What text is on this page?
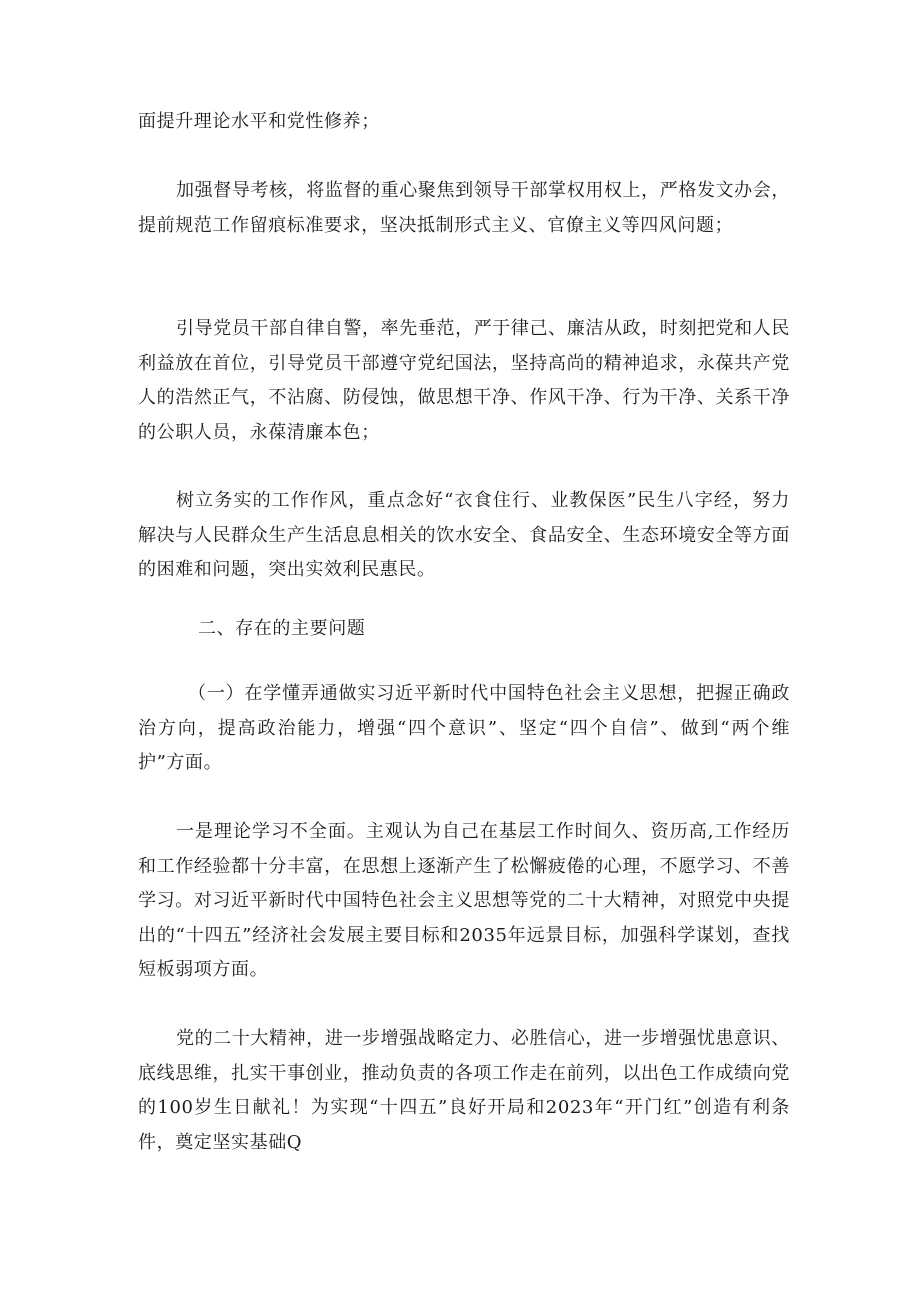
面提升理论水平和党性修养；

加强督导考核，将监督的重心聚焦到领导干部掌权用权上，严格发文办会，提前规范工作留痕标准要求，坚决抵制形式主义、官僚主义等四风问题；

引导党员干部自律自警，率先垂范，严于律己、廉洁从政，时刻把党和人民利益放在首位，引导党员干部遵守党纪国法，坚持高尚的精神追求，永葆共产党人的浩然正气，不沾腐、防侵蚀，做思想干净、作风干净、行为干净、关系干净的公职人员，永葆清廉本色；

树立务实的工作作风，重点念好“衣食住行、业教保医”民生八字经，努力解决与人民群众生产生活息息相关的饮水安全、食品安全、生态环境安全等方面的困难和问题，突出实效利民惠民。

二、存在的主要问题

（一）在学懂弄通做实习近平新时代中国特色社会主义思想，把握正确政治方向，提高政治能力，增强“四个意识”、坚定“四个自信”、做到“两个维护”方面。

一是理论学习不全面。主观认为自己在基层工作时间久、资历高,工作经历和工作经验都十分丰富，在思想上逐渐产生了松懈疲倦的心理，不愿学习、不善学习。对习近平新时代中国特色社会主义思想等党的二十大精神，对照党中央提出的“十四五”经济社会发展主要目标和2035年远景目标，加强科学谋划，查找短板弱项方面。

党的二十大精神，进一步增强战略定力、必胜信心，进一步增强忧患意识、底线思维，扎实干事创业，推动负责的各项工作走在前列，以出色工作成绩向党的100岁生日献礼！为实现“十四五”良好开局和2023年“开门红”创造有利条件，奠定坚实基础Q
